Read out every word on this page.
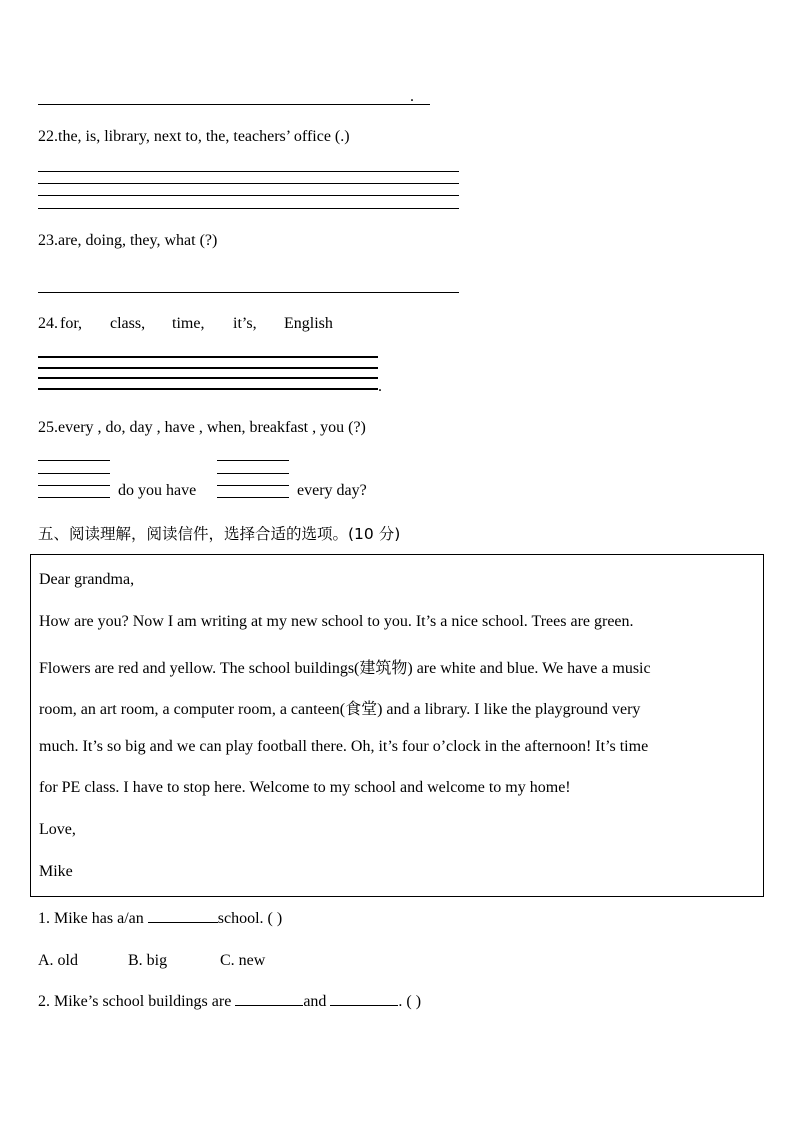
.
22.the, is, library, next to, the, teachers’ office (.)
23.are, doing, they, what (?)
24. for, class, time, it’s, English
.
25.every , do, day , have , when, breakfast , you (?)
do you have	every day?
五、阅读理解，阅读信件，选择合适的选项。(10 分)
Dear grandma,
How are you? Now I am writing at my new school to you. It’s a nice school. Trees are green.
Flowers are red and yellow. The school buildings(建筑物) are white and blue. We have a music
room, an art room, a computer room, a canteen(食堂) and a library. I like the playground very
much. It’s so big and we can play football there. Oh, it’s four o’clock in the afternoon! It’s time
for PE class. I have to stop here. Welcome to my school and welcome to my home!
Love,
Mike
1. Mike has a/an	school. ( )
A. old	B. big	C. new
2. Mike’s school buildings are	and	. ( )
